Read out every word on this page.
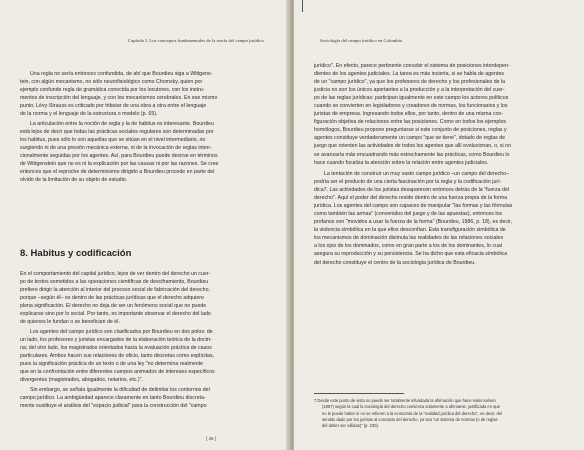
Capítulo I. Los conceptos fundamentales de la teoría del campo jurídico
Una regla no sería entonces confundida, de ahí que Bourdieu siga a Wittgens-
tein, con algún mecanismo, no sólo neurofisiológico como Chomsky, quien por
ejemplo confunde regla de gramática conocida por los locutores, con los instru-
mentos de inscripción del lenguaje, y con los mecanismos cerebrales. En ese mismo
punto, Lévy-Strauss es criticado por tributar de una obra a otra entre el lenguaje
de la norma y el lenguaje de la estructura o modelo (p. 65).
La articulación entre la noción de regla y la de habitus es interesante. Bourdieu
está lejos de decir que todas las prácticas sociales regulares son determinadas por
los habitus, pues sólo lo son aquellas que se sitúan en el nivel intermediario, no
surgiendo ni de una presión mecánica externa, ni de la invocación de reglas inten-
cionalmente seguidas por los agentes. Así, para Bourdieu puede decirse en términos
de Wittgenstein que no es ni la explicación por las causas ni por las razones. Se cree
entonces que el reproche de determinismo dirigido a Bourdieu procede en parte del
olvido de la limitación de su objeto de estudio.
8. Habitus y codificación
En el comportamiento del capital jurídico, lejos de ver dentro del derecho un cuer-
po de textos sometidos a las operaciones científicas de desciframiento, Bourdieu
prefiere dirigir la atención al interior del proceso social de fabricación del derecho,
porque –según él– es dentro de las prácticas jurídicas que el derecho adquiere
plena significación. El derecho no deja de ser un fenómeno social que no puede
explicarse sino por lo social. Por tanto, es importante observar el derecho del lado
de quienes le fundan o se benefician de él.
Los agentes del campo jurídico son clasificados por Bourdieu en dos polos: de
un lado, los profesores y juristas encargados de la elaboración teórica de la doctri-
na; del otro lado, los magistrados orientados hacia la evaluación práctica de casos
particulares. Ambos hacen sus relaciones de oficio, tanto discretas como explícitas,
pues la significación práctica de un texto o de una ley "no determina realmente
que en la confrontación entre diferentes cuerpos animados de intereses específicos
divergentes (magistrados, abogados, notarios, etc.)".
Sin embargo, se señala igualmente la dificultad de delimitar los contornos del
campo jurídico. La ambigüedad aparece claramente en tanto Bourdieu discreta-
mente sustituye el análisis del "espacio judicial" para la construcción del "campo
[ 46 ]
Sociología del campo jurídico en Colombia
jurídico". En efecto, parece pertinente concebir el sistema de posiciones interdepen-
dientes de los agentes judiciales. La tarea es más incierta, si se habla de agentes
de un "campo jurídico", ya que los profesores de derecho y los profesionales de la
justicia no son los únicos aportantes a la producción y a la interpretación del cuer-
po de las reglas jurídicas: participan igualmente en este campo los actores políticos
cuando se convierten en legisladores y creadores de normas, los funcionarios y los
juristas de empresa. Ingresando todos ellos, por tanto, dentro de una misma con-
figuración objetiva de relaciones entre las posiciones. Como en todos los ejemplos
homólogos, Bourdieu propone preguntarse si este conjunto de posiciones, reglas y
agentes constituye verdaderamente un campo "que se tiene", dotado de reglas de
juego que orienten las actividades de todos los agentes que allí evolucionan, o, si no
se avanzaría más encuadrando más estrechamente las prácticas, como Bourdieu lo
hace cuando focaliza la atención sobre la relación entre agentes judiciales.
La tentación de construir un muy vasto campo jurídico –un campo del derecho–
podría ser el producto de una cierta fascinación por la regla y la codificación jurí-
dica7. Las actividades de los juristas desaparecen entonces detrás de la "fuerza del
derecho". Aquí el poder del derecho reside dentro de una fuerza propia de la forma
jurídica. Los agentes del campo son capaces de manipular "las formas y las fórmulas
como también las armas" (convenidos del juego y de las apuestas), entonces los
profanos son "movidos a usar la fuerza de la forma" (Bourdieu, 1986, p. 18), es decir,
la violencia simbólica en la que ellos desconfían. Esta transfiguración simbólica de
los mecanismos de dominación disimula las realidades de las relaciones sociales
a los ojos de los dominados, como en gran parte a los de los dominantes, lo cual
asegura su reproducción y su persistencia. Se ha dicho que esta eficacia simbólica
del derecho constituye el centro de la sociología jurídica de Bourdieu.
7 Desde este punto de vista no puede ser totalmente infundada la afirmación que hace Hans Kelsen
(1997) según la cual la sociología del derecho comienza solamente a afirmarse, justificada en que
no le puede haber sí no se refieren a la economía de la "realidad jurídica del derecho", es decir, del
sentido dado por los juristas al concepto del derecho, ya sea "un sistema de normas (o de reglas
del deber ser válidas)" (p. 230).
